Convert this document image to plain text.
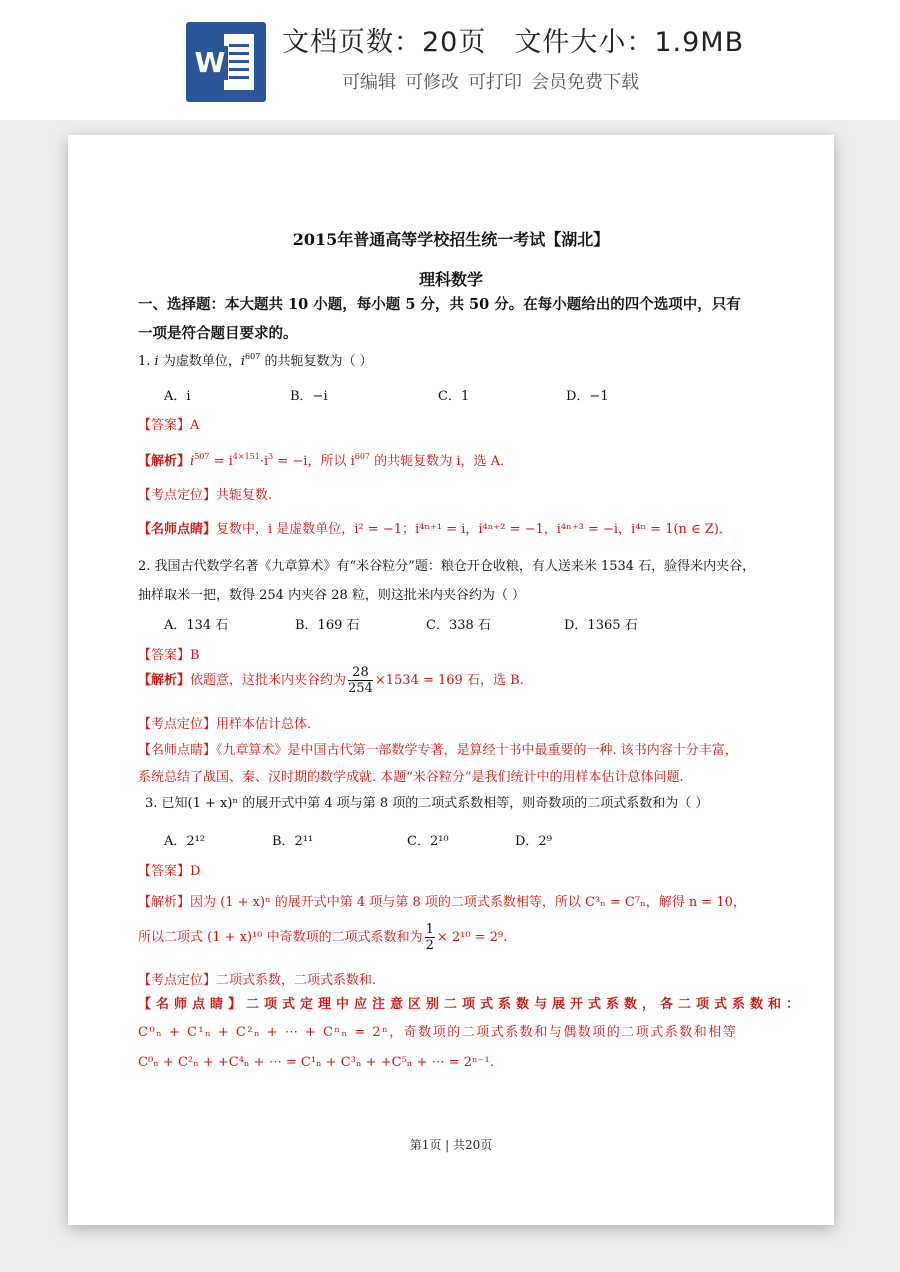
W
文档页数：20页 文件大小：1.9MB
可编辑 可修改 可打印 会员免费下载
2015年普通高等学校招生统一考试【湖北】
理科数学
一、选择题：本大题共 10 小题，每小题 5 分，共 50 分。在每小题给出的四个选项中，只有
一项是符合题目要求的。
1. i 为虚数单位，$i^{607}$ 的共轭复数为（ ）
A．i	B．−i	C．1	D．−1
【答案】A
【解析】$i^{507} = i^{4\times 151}\cdot i^3 = -i$，所以 $i^{607}$ 的共轭复数为 i，选 A．
【考点定位】共轭复数.
【名师点睛】复数中，i 是虚数单位，i² = −1；i⁴ⁿ⁺¹ = i，i⁴ⁿ⁺² = −1，i⁴ⁿ⁺³ = −i，i⁴ⁿ = 1(n ∈ Z)．
2. 我国古代数学名著《九章算术》有“米谷粒分”题：粮仓开仓收粮，有人送来米 1534 石，验得米内夹谷，
抽样取米一把，数得 254 内夹谷 28 粒，则这批米内夹谷约为（ ）
A．134 石	B．169 石	C．338 石	D．1365 石
【答案】B
【解析】依题意，这批米内夹谷约为 $\frac{28}{254} \times 1534 = 169$ 石，选 B.
【考点定位】用样本估计总体.
【名师点睛】《九章算术》是中国古代第一部数学专著，是算经十书中最重要的一种. 该书内容十分丰富，
系统总结了战国、秦、汉时期的数学成就. 本题“米谷粒分”是我们统计中的用样本估计总体问题.
3. 已知(1 + x)ⁿ 的展开式中第 4 项与第 8 项的二项式系数相等，则奇数项的二项式系数和为（ ）
A．2¹²	B．2¹¹	C．2¹⁰	D．2⁹
【答案】D
【解析】因为 (1 + x)ⁿ 的展开式中第 4 项与第 8 项的二项式系数相等，所以 C³ₙ = C⁷ₙ，解得 n = 10，
所以二项式 (1 + x)¹⁰ 中奇数项的二项式系数和为 $\frac{1}{2} \times 2^{10} = 2^9$.
【考点定位】二项式系数，二项式系数和.
【名师点睛】二项式定理中应注意区别二项式系数与展开式系数，各二项式系数和：
C⁰ₙ + C¹ₙ + C²ₙ + ⋯ + Cⁿₙ = 2ⁿ，奇数项的二项式系数和与偶数项的二项式系数和相等
C⁰ₙ + C²ₙ + +C⁴ₙ + ⋯ = C¹ₙ + C³ₙ + +C⁵ₙ + ⋯ = 2ⁿ⁻¹.
第1页 | 共20页
